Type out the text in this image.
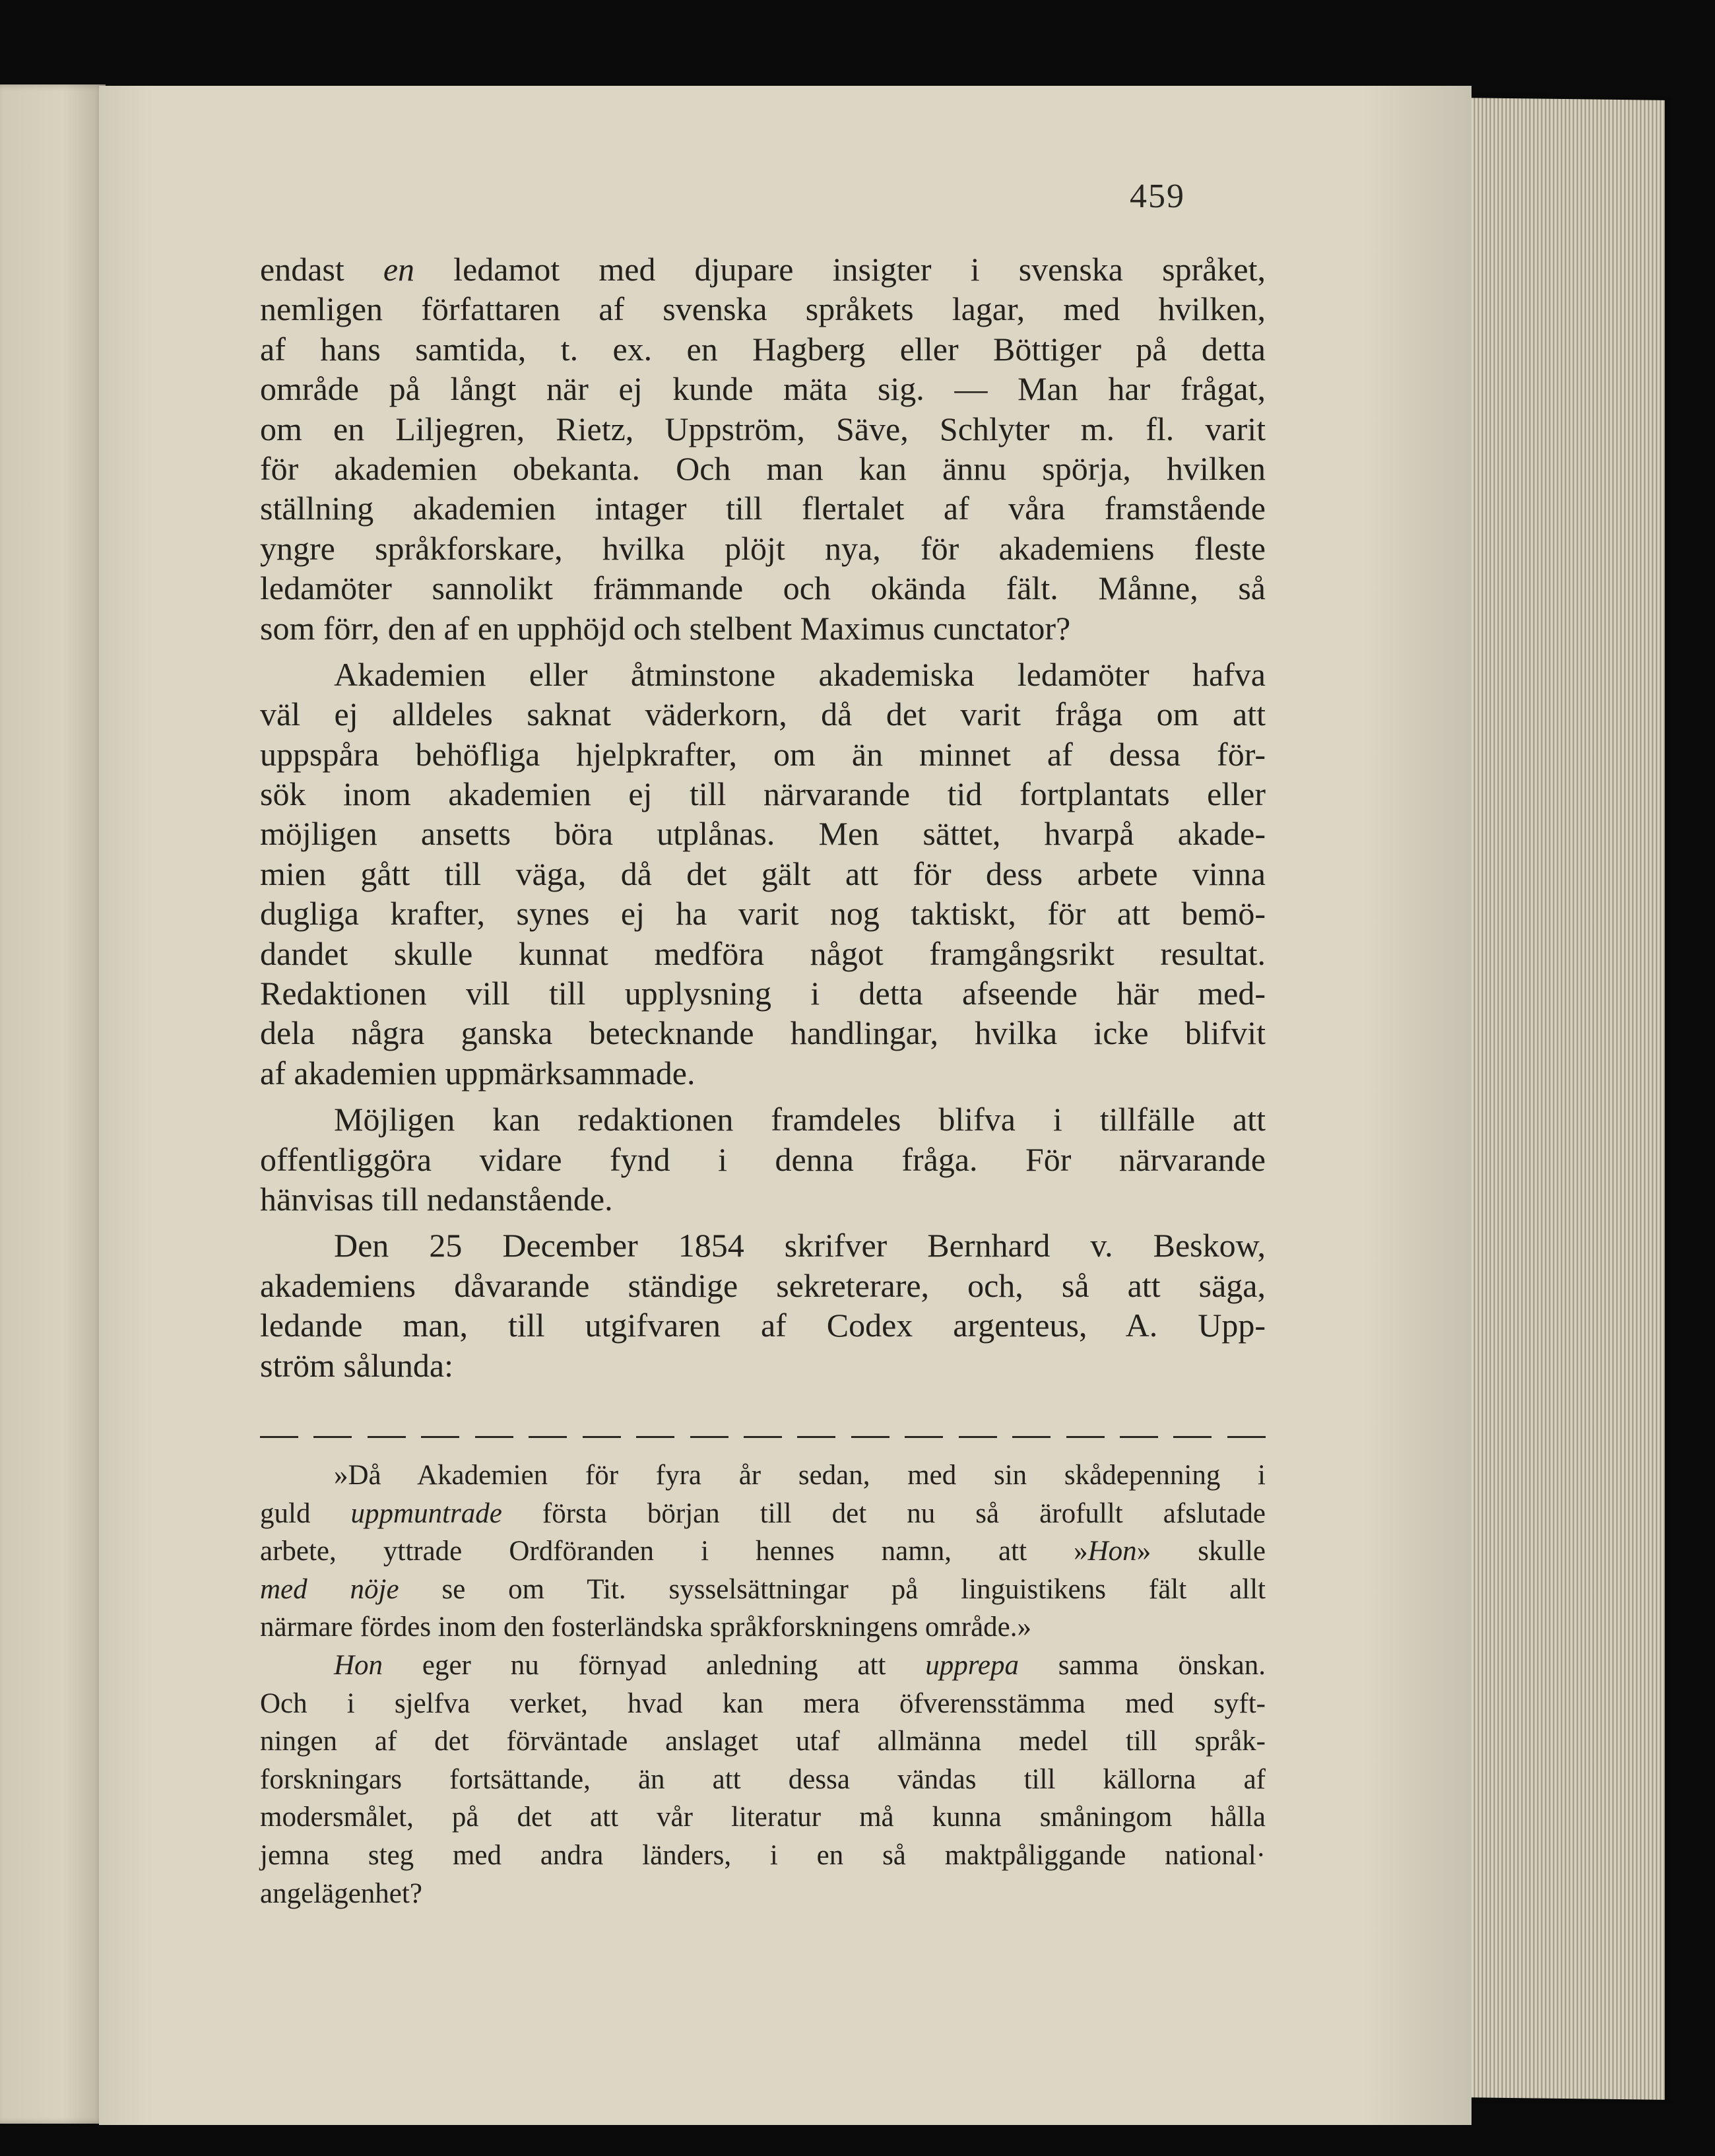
459
endast en ledamot med djupare insigter i svenska språket,
nemligen författaren af svenska språkets lagar, med hvilken,
af hans samtida, t. ex. en Hagberg eller Böttiger på detta
område på långt när ej kunde mäta sig. — Man har frågat,
om en Liljegren, Rietz, Uppström, Säve, Schlyter m. fl. varit
för akademien obekanta. Och man kan ännu spörja, hvilken
ställning akademien intager till flertalet af våra framstående
yngre språkforskare, hvilka plöjt nya, för akademiens fleste
ledamöter sannolikt främmande och okända fält. Månne, så
som förr, den af en upphöjd och stelbent Maximus cunctator?
Akademien eller åtminstone akademiska ledamöter hafva
väl ej alldeles saknat väderkorn, då det varit fråga om att
uppspåra behöfliga hjelpkrafter, om än minnet af dessa för-
sök inom akademien ej till närvarande tid fortplantats eller
möjligen ansetts böra utplånas. Men sättet, hvarpå akade-
mien gått till väga, då det gält att för dess arbete vinna
dugliga krafter, synes ej ha varit nog taktiskt, för att bemö-
dandet skulle kunnat medföra något framgångsrikt resultat.
Redaktionen vill till upplysning i detta afseende här med-
dela några ganska betecknande handlingar, hvilka icke blifvit
af akademien uppmärksammade.
Möjligen kan redaktionen framdeles blifva i tillfälle att
offentliggöra vidare fynd i denna fråga. För närvarande
hänvisas till nedanstående.
Den 25 December 1854 skrifver Bernhard v. Beskow,
akademiens dåvarande ständige sekreterare, och, så att säga,
ledande man, till utgifvaren af Codex argenteus, A. Upp-
ström sålunda:
»Då Akademien för fyra år sedan, med sin skådepenning i
guld uppmuntrade första början till det nu så ärofullt afslutade
arbete, yttrade Ordföranden i hennes namn, att »Hon» skulle
med nöje se om Tit. sysselsättningar på linguistikens fält allt
närmare fördes inom den fosterländska språkforskningens område.»
Hon eger nu förnyad anledning att upprepa samma önskan.
Och i sjelfva verket, hvad kan mera öfverensstämma med syft-
ningen af det förväntade anslaget utaf allmänna medel till språk-
forskningars fortsättande, än att dessa vändas till källorna af
modersmålet, på det att vår literatur må kunna småningom hålla
jemna steg med andra länders, i en så maktpåliggande national·
angelägenhet?
